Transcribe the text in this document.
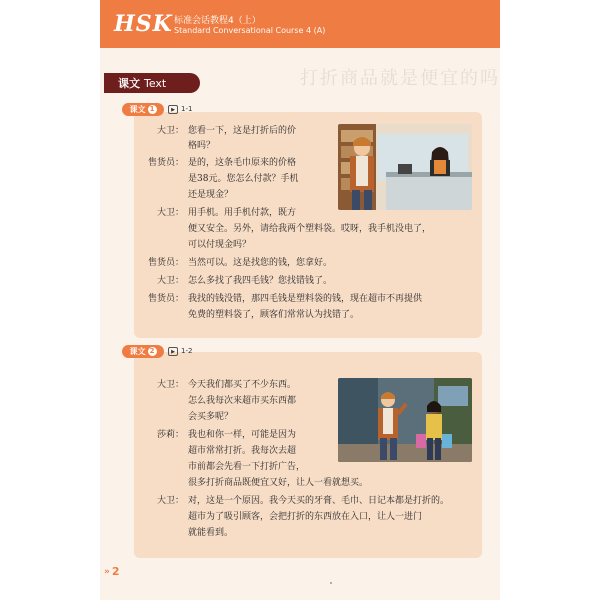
HSK 标准会话教程4（上）
Standard Conversational Course 4 (A)
打折商品就是便宜的吗
课文 Text
课文 1	▶ 1-1
大卫： 您看一下，这是打折后的价
格吗？
售货员： 是的，这条毛巾原来的价格
是38元。您怎么付款？手机
还是现金？
大卫： 用手机。用手机付款，既方
便又安全。另外，请给我两个塑料袋。哎呀，我手机没电了，
可以付现金吗？
售货员： 当然可以。这是找您的钱，您拿好。
大卫： 怎么多找了我四毛钱？您找错钱了。
售货员： 我找的钱没错，那四毛钱是塑料袋的钱，现在超市不再提供
免费的塑料袋了，顾客们常常认为找错了。
课文 2	▶ 1-2
大卫： 今天我们都买了不少东西。
怎么我每次来超市买东西都
会买多呢？
莎莉： 我也和你一样，可能是因为
超市常常打折。我每次去超
市前都会先看一下打折广告，
很多打折商品既便宜又好，让人一看就想买。
大卫： 对，这是一个原因。我今天买的牙膏、毛巾、日记本都是打折的。
超市为了吸引顾客，会把打折的东西放在入口，让人一进门
就能看到。
» 2
